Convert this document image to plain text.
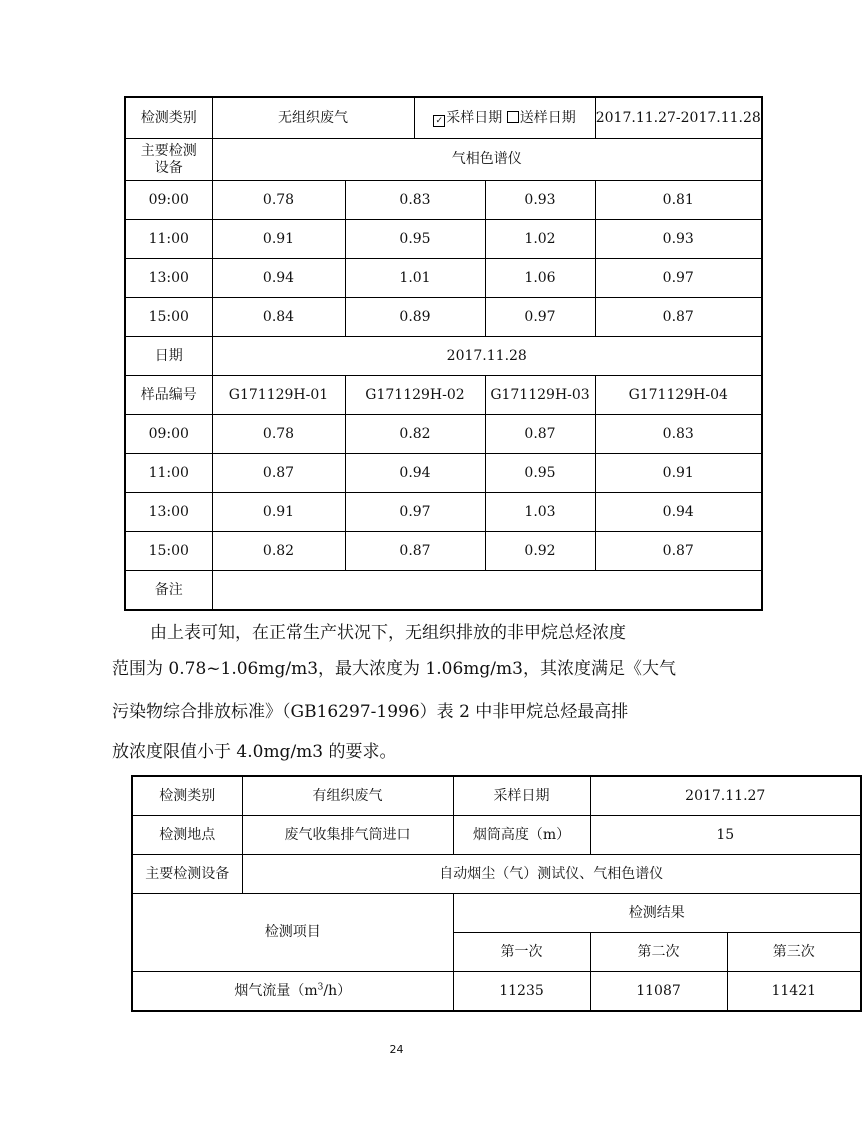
检测类别	无组织废气		✓ 采样日期 送样日期		2017.11.27-2017.11.28
主要检测
设备	气相色谱仪				
09:00	0.78	0.83		0.93	0.81
11:00	0.91	0.95		1.02	0.93
13:00	0.94	1.01		1.06	0.97
15:00	0.84	0.89		0.97	0.87
日期	2017.11.28				
样品编号	G171129H-01	G171129H-02		G171129H-03	G171129H-04
09:00	0.78	0.82		0.87	0.83
11:00	0.87	0.94		0.95	0.91
13:00	0.91	0.97		1.03	0.94
15:00	0.82	0.87		0.92	0.87
备注					

由上表可知，在正常生产状况下，无组织排放的非甲烷总烃浓度

范围为 0.78~1.06mg/m3，最大浓度为 1.06mg/m3，其浓度满足《大气

污染物综合排放标准》（GB16297-1996）表 2 中非甲烷总烃最高排

放浓度限值小于 4.0mg/m3 的要求。

检测类别	有组织废气	采样日期	2017.11.27	
检测地点	废气收集排气筒进口	烟筒高度（m）	15	
主要检测设备	自动烟尘（气）测试仪、气相色谱仪			
检测项目		检测结果		
		第一次	第二次	第三次
烟气流量$(m^3/h)$		11235	11087	11421
24
